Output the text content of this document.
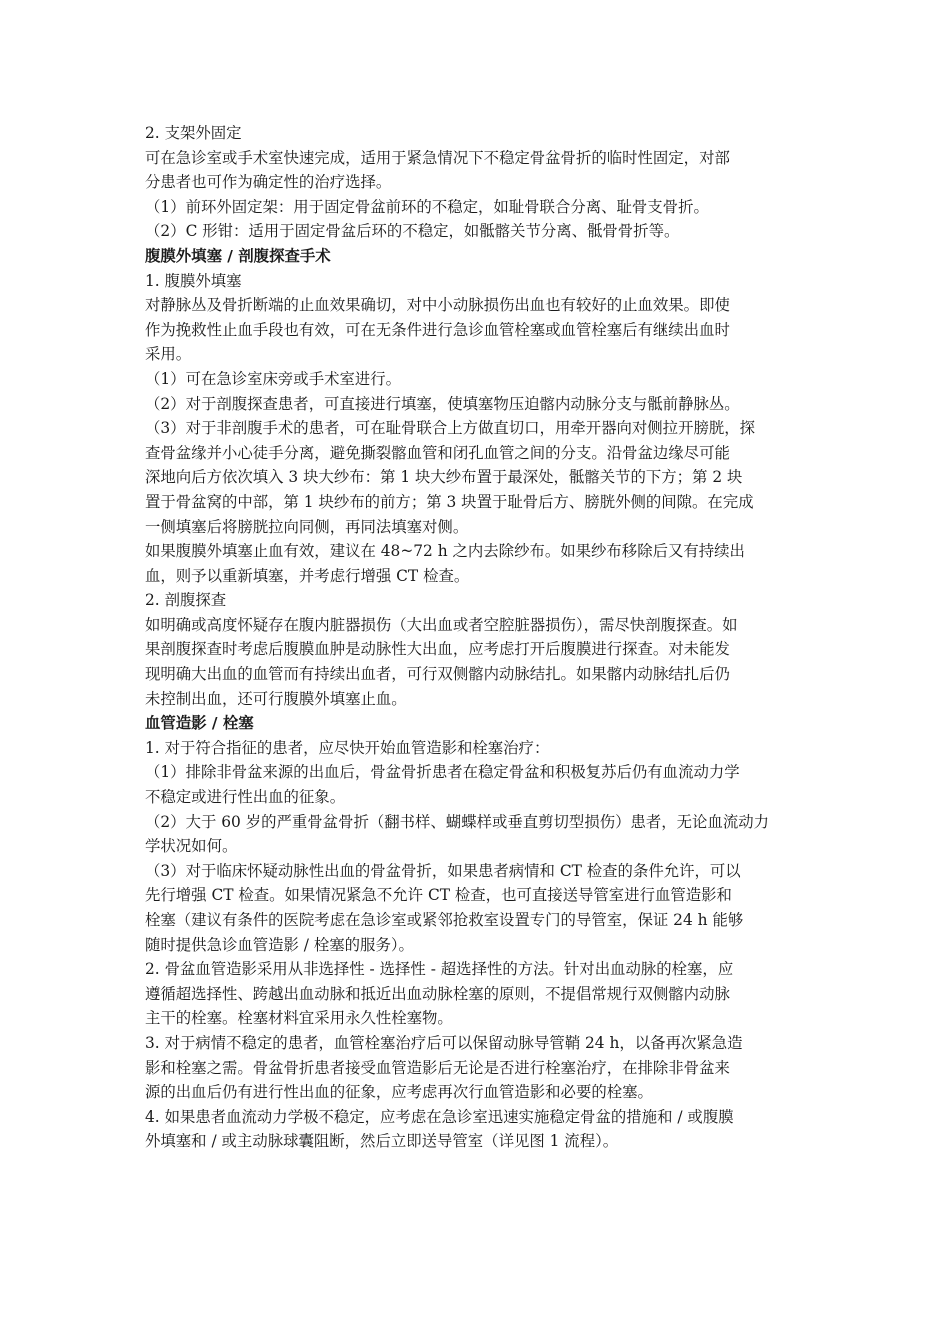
2. 支架外固定
可在急诊室或手术室快速完成，适用于紧急情况下不稳定骨盆骨折的临时性固定，对部
分患者也可作为确定性的治疗选择。
（1）前环外固定架：用于固定骨盆前环的不稳定，如耻骨联合分离、耻骨支骨折。
（2）C 形钳：适用于固定骨盆后环的不稳定，如骶髂关节分离、骶骨骨折等。
腹膜外填塞 / 剖腹探查手术
1. 腹膜外填塞
对静脉丛及骨折断端的止血效果确切，对中小动脉损伤出血也有较好的止血效果。即使
作为挽救性止血手段也有效，可在无条件进行急诊血管栓塞或血管栓塞后有继续出血时
采用。
（1）可在急诊室床旁或手术室进行。
（2）对于剖腹探查患者，可直接进行填塞，使填塞物压迫髂内动脉分支与骶前静脉丛。
（3）对于非剖腹手术的患者，可在耻骨联合上方做直切口，用牵开器向对侧拉开膀胱，探
查骨盆缘并小心徒手分离，避免撕裂髂血管和闭孔血管之间的分支。沿骨盆边缘尽可能
深地向后方依次填入 3 块大纱布：第 1 块大纱布置于最深处，骶髂关节的下方；第 2 块
置于骨盆窝的中部，第 1 块纱布的前方；第 3 块置于耻骨后方、膀胱外侧的间隙。在完成
一侧填塞后将膀胱拉向同侧，再同法填塞对侧。
如果腹膜外填塞止血有效，建议在 48~72 h 之内去除纱布。如果纱布移除后又有持续出
血，则予以重新填塞，并考虑行增强 CT 检查。
2. 剖腹探查
如明确或高度怀疑存在腹内脏器损伤（大出血或者空腔脏器损伤），需尽快剖腹探查。如
果剖腹探查时考虑后腹膜血肿是动脉性大出血，应考虑打开后腹膜进行探查。对未能发
现明确大出血的血管而有持续出血者，可行双侧髂内动脉结扎。如果髂内动脉结扎后仍
未控制出血，还可行腹膜外填塞止血。
血管造影 / 栓塞
1. 对于符合指征的患者，应尽快开始血管造影和栓塞治疗：
（1）排除非骨盆来源的出血后，骨盆骨折患者在稳定骨盆和积极复苏后仍有血流动力学
不稳定或进行性出血的征象。
（2）大于 60 岁的严重骨盆骨折（翻书样、蝴蝶样或垂直剪切型损伤）患者，无论血流动力
学状况如何。
（3）对于临床怀疑动脉性出血的骨盆骨折，如果患者病情和 CT 检查的条件允许，可以
先行增强 CT 检查。如果情况紧急不允许 CT 检查，也可直接送导管室进行血管造影和
栓塞（建议有条件的医院考虑在急诊室或紧邻抢救室设置专门的导管室，保证 24 h 能够
随时提供急诊血管造影 / 栓塞的服务）。
2. 骨盆血管造影采用从非选择性 - 选择性 - 超选择性的方法。针对出血动脉的栓塞，应
遵循超选择性、跨越出血动脉和抵近出血动脉栓塞的原则，不提倡常规行双侧髂内动脉
主干的栓塞。栓塞材料宜采用永久性栓塞物。
3. 对于病情不稳定的患者，血管栓塞治疗后可以保留动脉导管鞘 24 h，以备再次紧急造
影和栓塞之需。骨盆骨折患者接受血管造影后无论是否进行栓塞治疗，在排除非骨盆来
源的出血后仍有进行性出血的征象，应考虑再次行血管造影和必要的栓塞。
4. 如果患者血流动力学极不稳定，应考虑在急诊室迅速实施稳定骨盆的措施和 / 或腹膜
外填塞和 / 或主动脉球囊阻断，然后立即送导管室（详见图 1 流程）。
